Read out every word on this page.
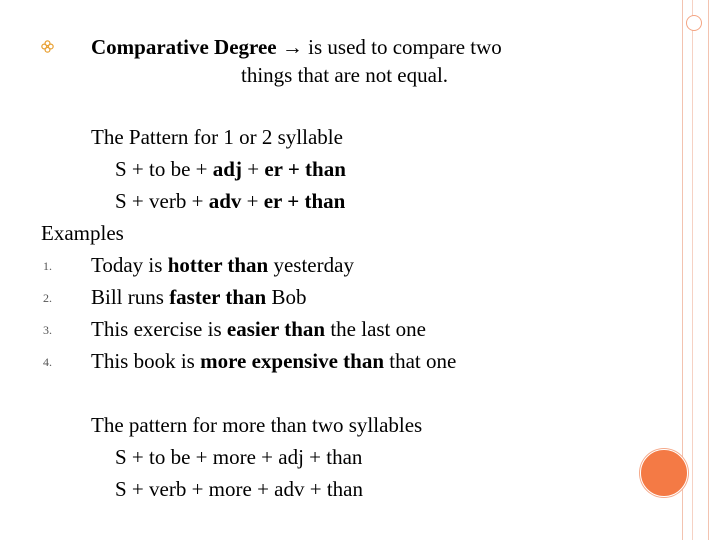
Comparative Degree → is used to compare two
things that are not equal.
The Pattern for 1 or 2 syllable
S + to be + adj + er + than
S + verb + adv + er + than
Examples
1. Today is hotter than yesterday
2. Bill runs faster than Bob
3. This exercise is easier than the last one
4. This book is more expensive than that one
The pattern for more than two syllables
S + to be + more + adj + than
S + verb + more + adv + than
